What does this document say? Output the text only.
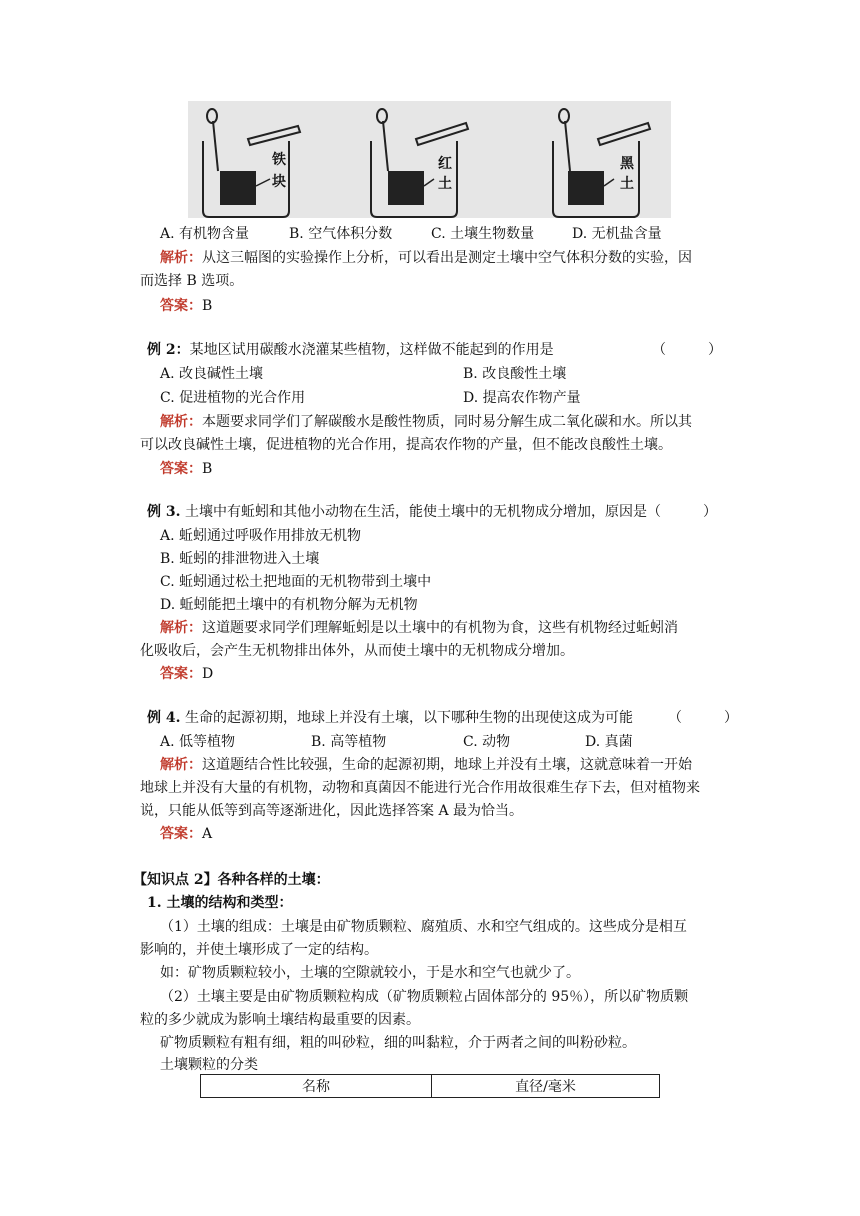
铁
块
红
土
黑
土
A. 有机物含量	B. 空气体积分数	C. 土壤生物数量	D. 无机盐含量
解析：从这三幅图的实验操作上分析，可以看出是测定土壤中空气体积分数的实验，因
而选择 B 选项。
答案：B
例 2：某地区试用碳酸水浇灌某些植物，这样做不能起到的作用是	（　　　）
A. 改良碱性土壤	B. 改良酸性土壤
C. 促进植物的光合作用	D. 提高农作物产量
解析：本题要求同学们了解碳酸水是酸性物质，同时易分解生成二氧化碳和水。所以其
可以改良碱性土壤，促进植物的光合作用，提高农作物的产量，但不能改良酸性土壤。
答案：B
例 3. 土壤中有蚯蚓和其他小动物在生活，能使土壤中的无机物成分增加，原因是（　　　）
A. 蚯蚓通过呼吸作用排放无机物
B. 蚯蚓的排泄物进入土壤
C. 蚯蚓通过松土把地面的无机物带到土壤中
D. 蚯蚓能把土壤中的有机物分解为无机物
解析：这道题要求同学们理解蚯蚓是以土壤中的有机物为食，这些有机物经过蚯蚓消
化吸收后，会产生无机物排出体外，从而使土壤中的无机物成分增加。
答案：D
例 4. 生命的起源初期，地球上并没有土壤，以下哪种生物的出现使这成为可能	（　　　）
A. 低等植物	B. 高等植物	C. 动物	D. 真菌
解析：这道题结合性比较强，生命的起源初期，地球上并没有土壤，这就意味着一开始
地球上并没有大量的有机物，动物和真菌因不能进行光合作用故很难生存下去，但对植物来
说，只能从低等到高等逐渐进化，因此选择答案 A 最为恰当。
答案：A
【知识点 2】各种各样的土壤：
1. 土壤的结构和类型：
（1）土壤的组成：土壤是由矿物质颗粒、腐殖质、水和空气组成的。这些成分是相互
影响的，并使土壤形成了一定的结构。
如：矿物质颗粒较小，土壤的空隙就较小，于是水和空气也就少了。
（2）土壤主要是由矿物质颗粒构成（矿物质颗粒占固体部分的 95％），所以矿物质颗
粒的多少就成为影响土壤结构最重要的因素。
矿物质颗粒有粗有细，粗的叫砂粒，细的叫黏粒，介于两者之间的叫粉砂粒。
土壤颗粒的分类
名称	直径/毫米
